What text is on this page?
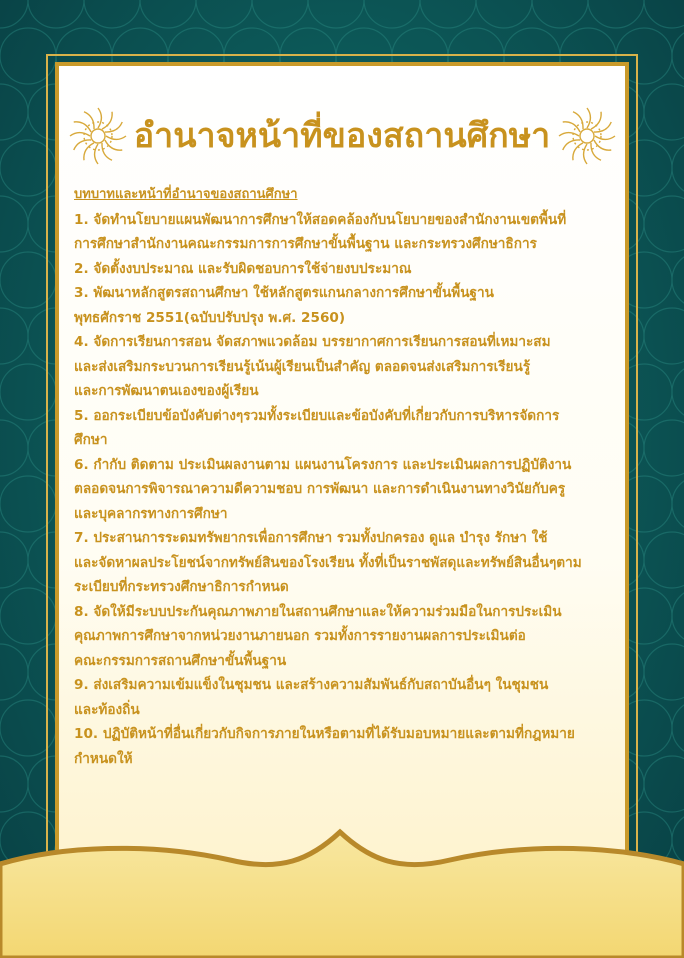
อำนาจหน้าที่ของสถานศึกษา
บทบาทและหน้าที่อำนาจของสถานศึกษา
1. จัดทำนโยบายแผนพัฒนาการศึกษาให้สอดคล้องกับนโยบายของสำนักงานเขตพื้นที่
การศึกษาสำนักงานคณะกรรมการการศึกษาขั้นพื้นฐาน และกระทรวงศึกษาธิการ
2. จัดตั้งงบประมาณ และรับผิดชอบการใช้จ่ายงบประมาณ
3. พัฒนาหลักสูตรสถานศึกษา ใช้หลักสูตรแกนกลางการศึกษาขั้นพื้นฐาน
พุทธศักราช 2551(ฉบับปรับปรุง พ.ศ. 2560)
4. จัดการเรียนการสอน จัดสภาพแวดล้อม บรรยากาศการเรียนการสอนที่เหมาะสม
และส่งเสริมกระบวนการเรียนรู้เน้นผู้เรียนเป็นสำคัญ ตลอดจนส่งเสริมการเรียนรู้
และการพัฒนาตนเองของผู้เรียน
5. ออกระเบียบข้อบังคับต่างๆรวมทั้งระเบียบและข้อบังคับที่เกี่ยวกับการบริหารจัดการ
ศึกษา
6. กำกับ ติดตาม ประเมินผลงานตาม แผนงานโครงการ และประเมินผลการปฏิบัติงาน
ตลอดจนการพิจารณาความดีความชอบ การพัฒนา และการดำเนินงานทางวินัยกับครู
และบุคลากรทางการศึกษา
7. ประสานการระดมทรัพยากรเพื่อการศึกษา รวมทั้งปกครอง ดูแล บำรุง รักษา ใช้
และจัดหาผลประโยชน์จากทรัพย์สินของโรงเรียน ทั้งที่เป็นราชพัสดุและทรัพย์สินอื่นๆตาม
ระเบียบที่กระทรวงศึกษาธิการกำหนด
8. จัดให้มีระบบประกันคุณภาพภายในสถานศึกษาและให้ความร่วมมือในการประเมิน
คุณภาพการศึกษาจากหน่วยงานภายนอก รวมทั้งการรายงานผลการประเมินต่อ
คณะกรรมการสถานศึกษาขั้นพื้นฐาน
9. ส่งเสริมความเข้มแข็งในชุมชน และสร้างความสัมพันธ์กับสถาบันอื่นๆ ในชุมชน
และท้องถิ่น
10. ปฏิบัติหน้าที่อื่นเกี่ยวกับกิจการภายในหรือตามที่ได้รับมอบหมายและตามที่กฎหมาย
กำหนดให้
